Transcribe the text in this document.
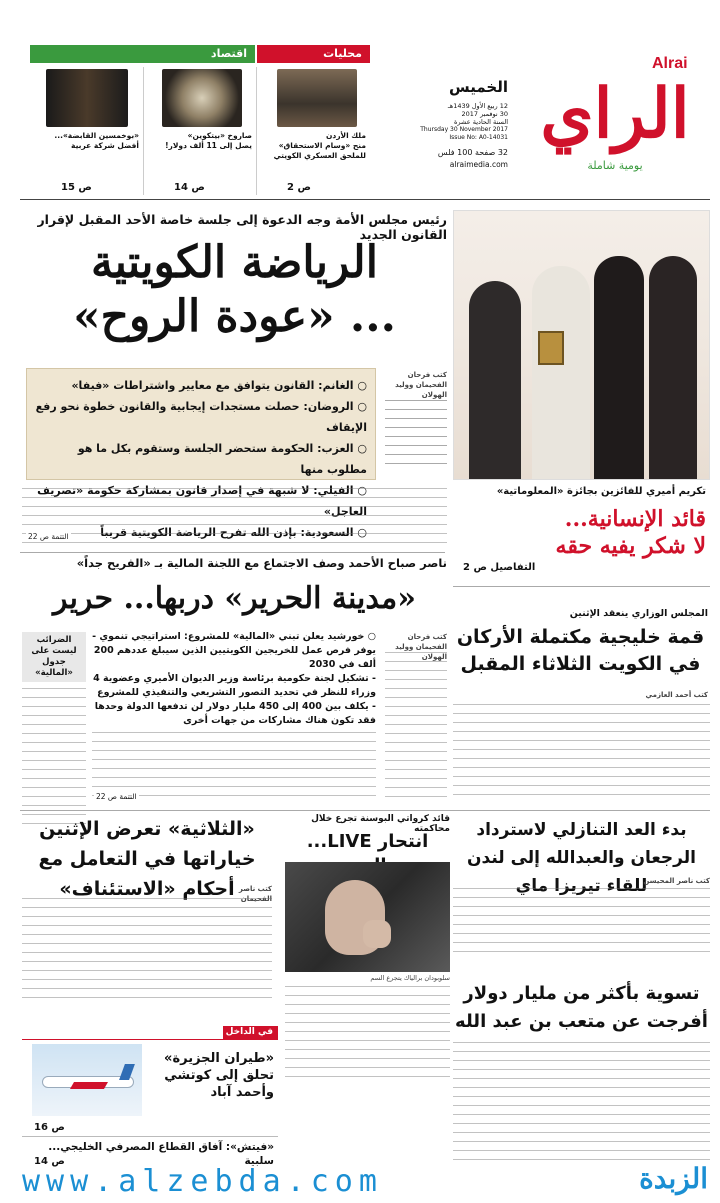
Alrai
الراي
يومية شاملة
الخميس
12 ربيع الأول 1439هـ
30 نوفمبر 2017
السنة الحادية عشرة
Thursday 30 November 2017
Issue No: A0-14031
32 صفحة 100 فلس
alraimedia.com
محليات
اقتصاد
ملك الأردن
منح «وسام الاستحقاق»
للملحق العسكري الكويتي
ص 2
صاروخ «بيتكوين»
يصل إلى 11 ألف دولار!
ص 14
«بوخمسين القابضة»...
أفضل شركة عربية
ص 15
تكريم أميري للفائزين بجائزة «المعلوماتية»
قائد الإنسانية...
لا شكر يفيه حقه
التفاصيل ص 2
رئيس مجلس الأمة وجه الدعوة إلى جلسة خاصة الأحد المقبل لإقرار القانون الجديد
الرياضة الكويتية
... «عودة الروح»
كتب فرحان الفحيمان ووليد الهولان
○ الغانم: القانون يتوافق مع معايير واشتراطات «فيفا»
○ الروضان: حصلت مستجدات إيجابية والقانون خطوة نحو رفع الإيقاف
○ العزب: الحكومة ستحضر الجلسة وستقوم بكل ما هو مطلوب منها
○ الفيلي: لا شبهة في إصدار قانون بمشاركة حكومة «تصريف العاجل»
○ السعودية: بإذن الله تفرح الرياضة الكويتية قريباً
التتمة ص 22
ناصر صباح الأحمد وصف الاجتماع مع اللجنة المالية بـ «الفريح جداً»
«مدينة الحرير» دربها... حرير
كتب فرحان الفحيمان ووليد الهولان
○ خورشيد يعلن تبني «المالية» للمشروع: استراتيجي تنموي - يوفر فرص عمل للخريجين الكويتيين الذين سيبلغ عددهم 200 ألف في 2030
- تشكيل لجنة حكومية برئاسة وزير الديوان الأميري وعضوية 4 وزراء للنظر في تحديد التصور التشريعي والتنفيذي للمشروع
- يكلف بين 400 إلى 450 مليار دولار لن تدفعها الدولة وحدها فقد تكون هناك مشاركات من جهات أخرى
الضرائب ليست على جدول «المالية»
التتمة ص 22
المجلس الوزاري ينعقد الإثنين
قمة خليجية مكتملة الأركان في الكويت الثلاثاء المقبل
كتب أحمد العازمي
«الثلاثية» تعرض الإثنين خياراتها في التعامل مع أحكام «الاستئناف» كتب ناصر الفحيمان
قائد كرواتي البوسنة تجرع خلال محاكمته
انتحار LIVE...
سلوبودان برالياك يتجرع السم
بدء العد التنازلي لاسترداد الرجعان والعبدالله إلى لندن للقاء تيريزا ماي
كتب ناصر المحيسن
في الداخل
«طيران الجزيرة»
تحلق إلى كوتشي
وأحمد آباد
ص 16
«فيتش»: آفاق القطاع المصرفي الخليجي... سلبية
ص 14
تسوية بأكثر من مليار دولار أفرجت عن متعب بن عبد الله
www.alzebda.com	الزبدة
